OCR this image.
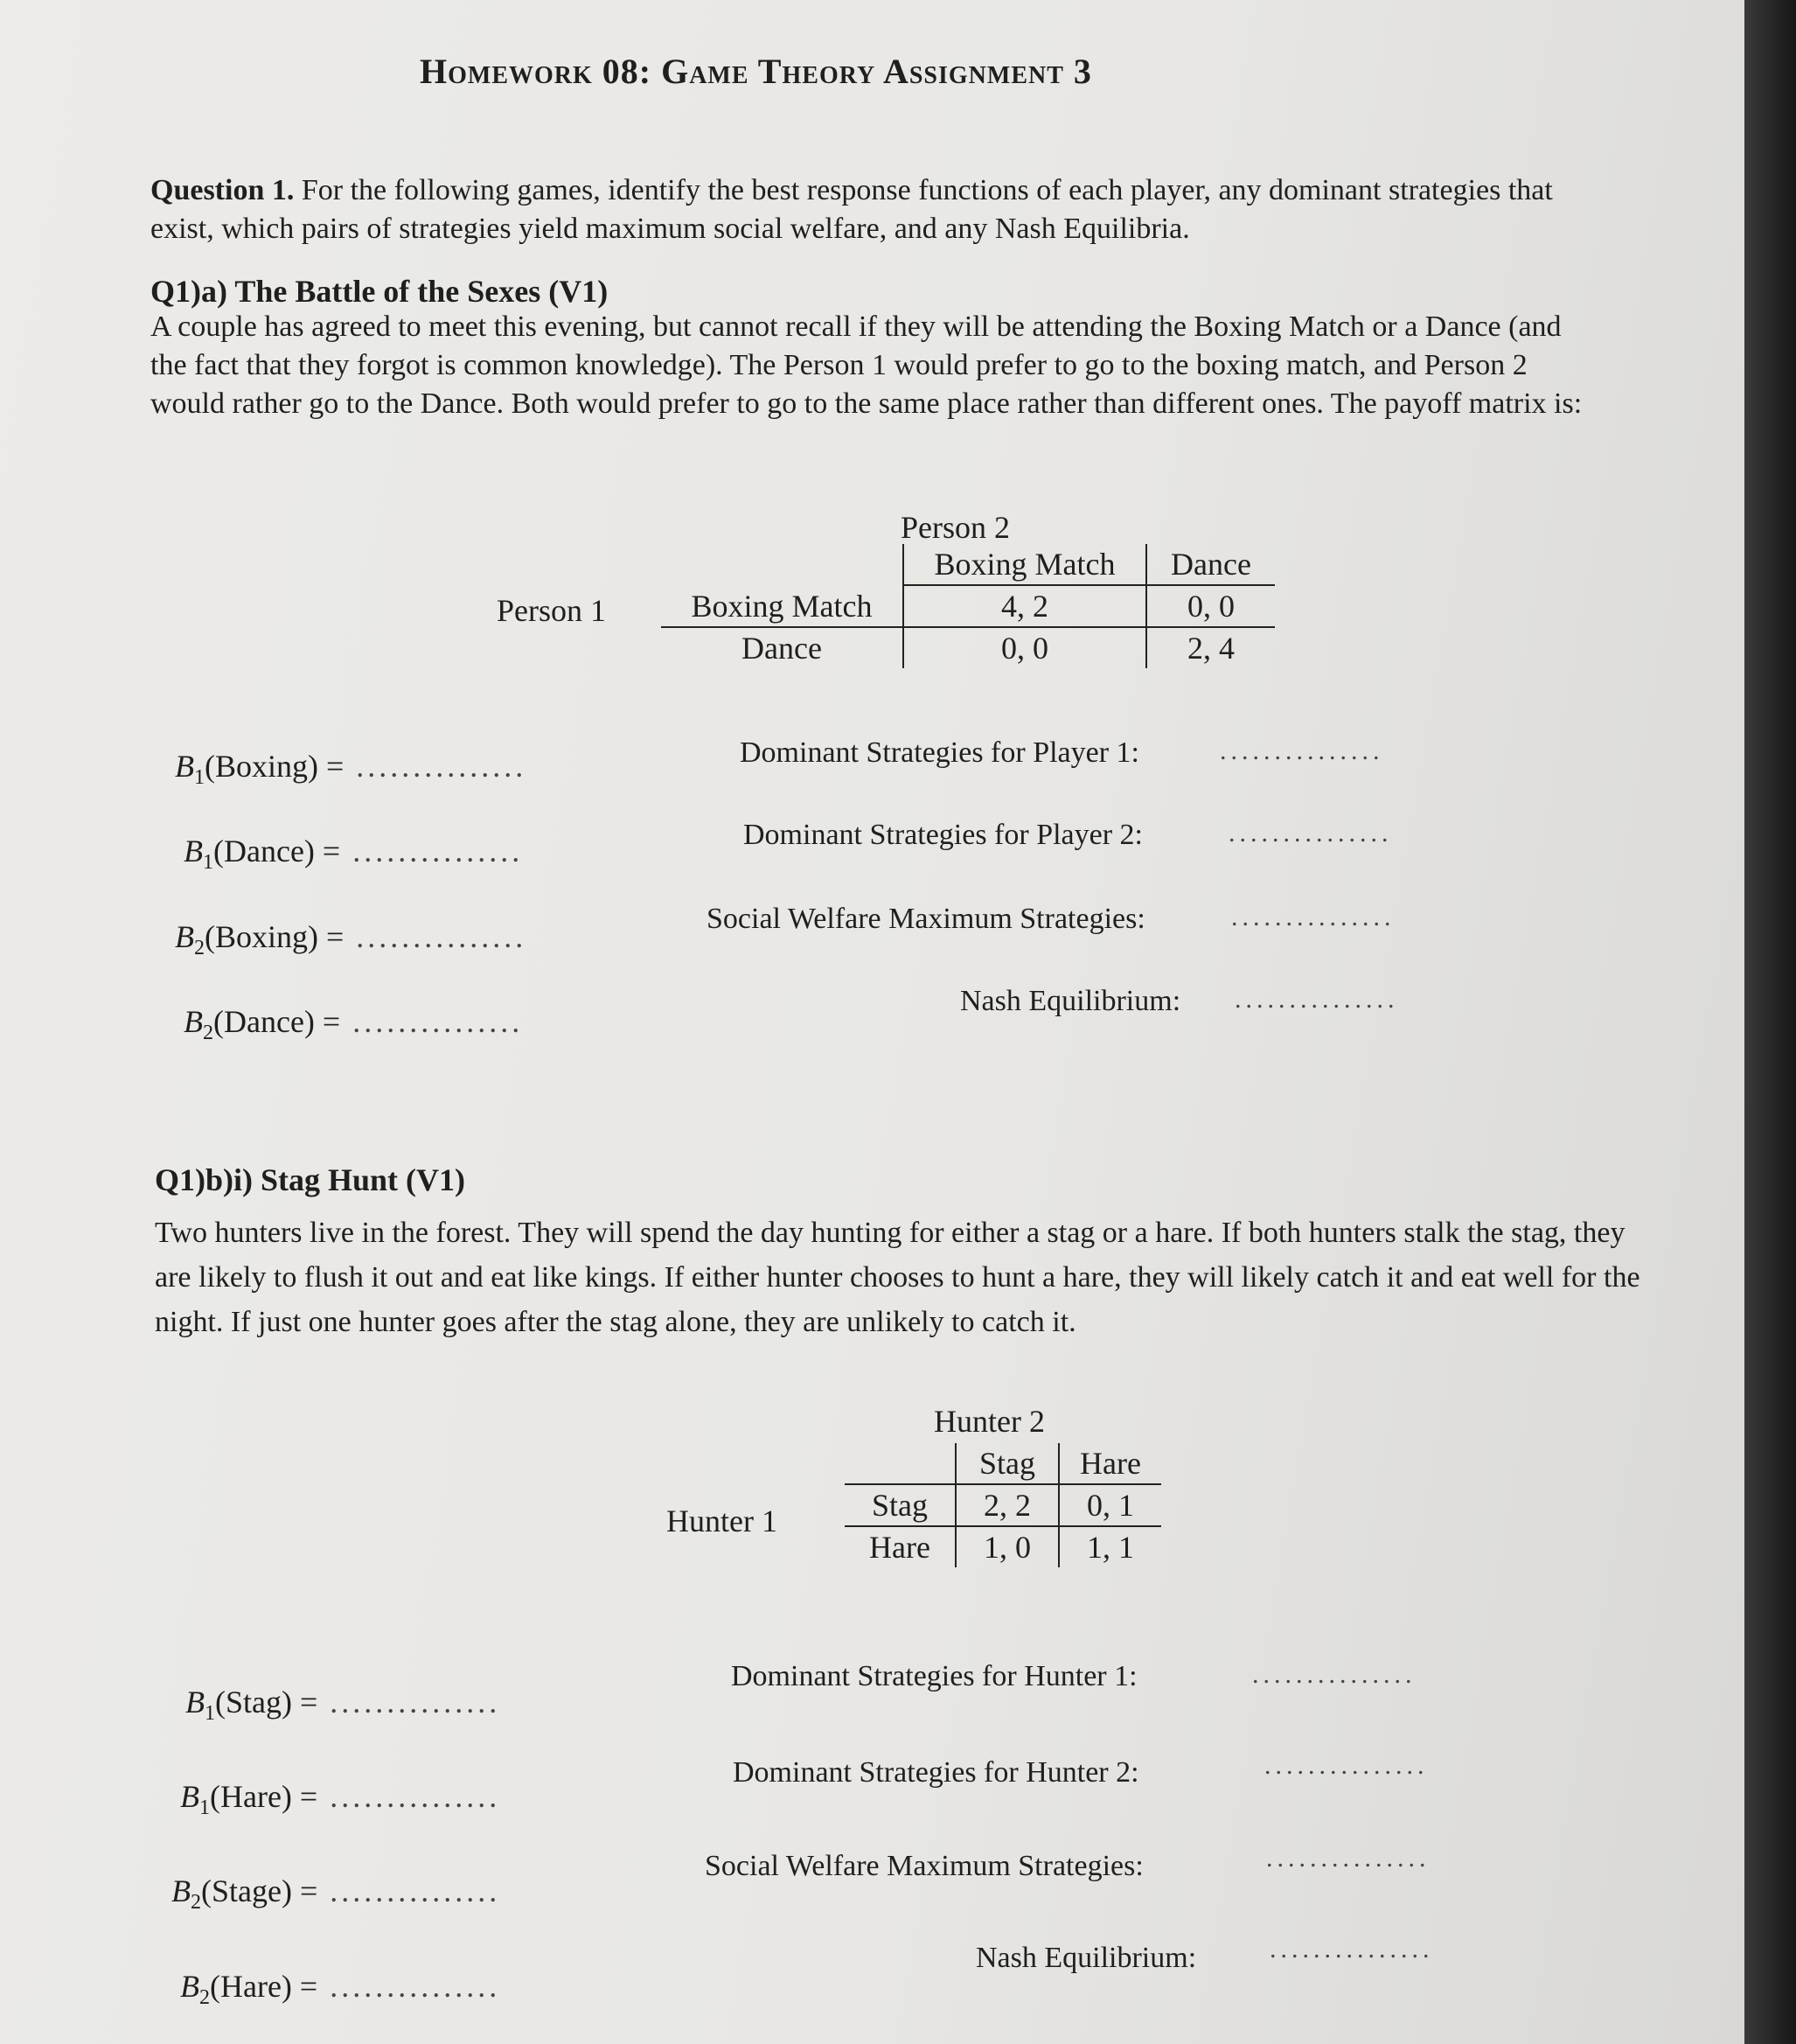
Homework 08: Game Theory Assignment 3
Question 1. For the following games, identify the best response functions of each player, any dominant strategies that exist, which pairs of strategies yield maximum social welfare, and any Nash Equilibria.
Q1)a) The Battle of the Sexes (V1)
A couple has agreed to meet this evening, but cannot recall if they will be attending the Boxing Match or a Dance (and the fact that they forgot is common knowledge). The Person 1 would prefer to go to the boxing match, and Person 2 would rather go to the Dance. Both would prefer to go to the same place rather than different ones. The payoff matrix is:
Person 2
Person 1
	Boxing Match	Dance
Boxing Match	4, 2	0, 0
Dance	0, 0	2, 4
$B_1(Boxing)$ = ...............
$B_1(Dance)$ = ...............
$B_2(Boxing)$ = ...............
$B_2(Dance)$ = ...............
Dominant Strategies for Player 1:	...............
Dominant Strategies for Player 2:	...............
Social Welfare Maximum Strategies:	...............
Nash Equilibrium: ...............
Q1)b)i) Stag Hunt (V1)
Two hunters live in the forest. They will spend the day hunting for either a stag or a hare. If both hunters stalk the stag, they are likely to flush it out and eat like kings. If either hunter chooses to hunt a hare, they will likely catch it and eat well for the night. If just one hunter goes after the stag alone, they are unlikely to catch it.
Hunter 2
Hunter 1
	Stag	Hare
Stag	2, 2	0, 1
Hare	1, 0	1, 1
$B_1(Stag)$ = ...............
$B_1(Hare)$ = ...............
$B_2(Stage)$ = ...............
$B_2(Hare)$ = ...............
Dominant Strategies for Hunter 1:	...............
Dominant Strategies for Hunter 2:	...............
Social Welfare Maximum Strategies:	...............
Nash Equilibrium:	...............
